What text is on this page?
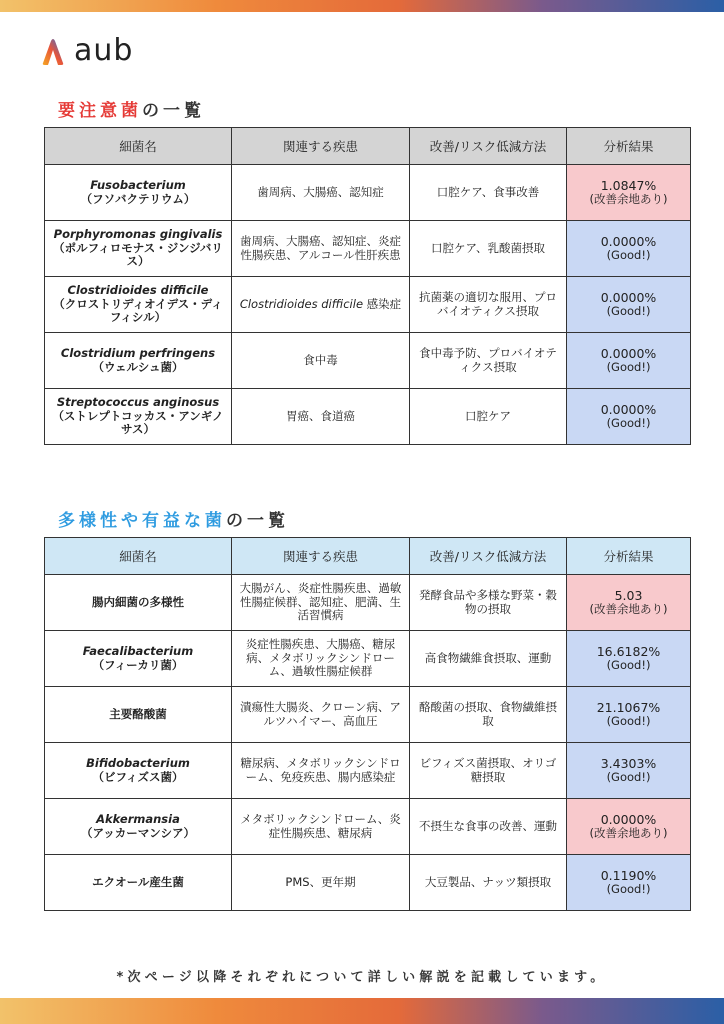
aub
要注意菌の一覧
細菌名	関連する疾患	改善/リスク低減方法	分析結果

Fusobacterium
（フソバクテリウム）	歯周病、大腸癌、認知症	口腔ケア、食事改善	1.0847%
(改善余地あり)

Porphyromonas gingivalis
（ポルフィロモナス・ジンジバリス）	歯周病、大腸癌、認知症、炎症性腸疾患、アルコール性肝疾患	口腔ケア、乳酸菌摂取	0.0000%
(Good!)

Clostridioides difficile
（クロストリディオイデス・ディフィシル）	Clostridioides difficile 感染症	抗菌薬の適切な服用、プロバイオティクス摂取	0.0000%
(Good!)

Clostridium perfringens
（ウェルシュ菌）	食中毒	食中毒予防、プロバイオティクス摂取	0.0000%
(Good!)

Streptococcus anginosus
（ストレプトコッカス・アンギノサス）	胃癌、食道癌	口腔ケア	0.0000%
(Good!)
多様性や有益な菌の一覧
細菌名	関連する疾患	改善/リスク低減方法	分析結果
腸内細菌の多様性	大腸がん、炎症性腸疾患、過敏性腸症候群、認知症、肥満、生活習慣病	発酵食品や多様な野菜・穀物の摂取	5.03
(改善余地あり)

Faecalibacterium
（フィーカリ菌）	炎症性腸疾患、大腸癌、糖尿病、メタボリックシンドローム、過敏性腸症候群	高食物繊維食摂取、運動	16.6182%
(Good!)

主要酪酸菌	潰瘍性大腸炎、クローン病、アルツハイマー、高血圧	酪酸菌の摂取、食物繊維摂取	21.1067%
(Good!)

Bifidobacterium
（ビフィズス菌）	糖尿病、メタボリックシンドローム、免疫疾患、腸内感染症	ビフィズス菌摂取、オリゴ糖摂取	3.4303%
(Good!)

Akkermansia
（アッカーマンシア）	メタボリックシンドローム、炎症性腸疾患、糖尿病	不摂生な食事の改善、運動	0.0000%
(改善余地あり)

エクオール産生菌	PMS、更年期	大豆製品、ナッツ類摂取	0.1190%
(Good!)
*次ページ以降それぞれについて詳しい解説を記載しています。
